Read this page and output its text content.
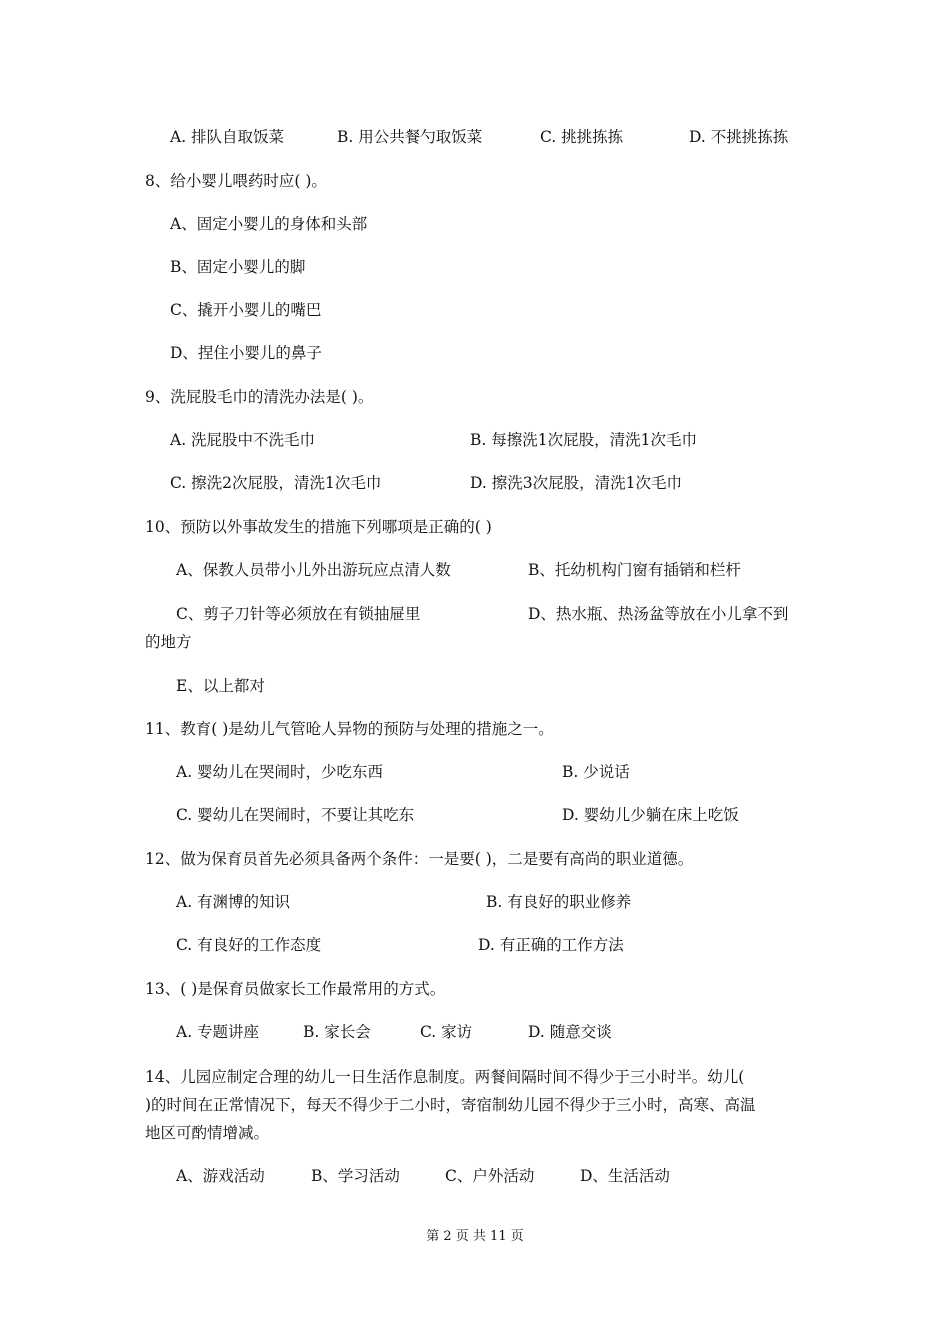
A. 排队自取饭菜	B. 用公共餐勺取饭菜	C. 挑挑拣拣	D. 不挑挑拣拣
8、给小婴儿喂药时应( )。
A、固定小婴儿的身体和头部
B、固定小婴儿的脚
C、撬开小婴儿的嘴巴
D、捏住小婴儿的鼻子
9、洗屁股毛巾的清洗办法是( )。
A. 洗屁股中不洗毛巾	B. 每擦洗1次屁股，清洗1次毛巾
C. 擦洗2次屁股，清洗1次毛巾	D. 擦洗3次屁股，清洗1次毛巾
10、预防以外事故发生的措施下列哪项是正确的( )
A、保教人员带小儿外出游玩应点清人数	B、托幼机构门窗有插销和栏杆
C、剪子刀针等必须放在有锁抽屉里	D、热水瓶、热汤盆等放在小儿拿不到
的地方
E、以上都对
11、教育( )是幼儿气管呛人异物的预防与处理的措施之一。
A. 婴幼儿在哭闹时，少吃东西	B. 少说话
C. 婴幼儿在哭闹时，不要让其吃东	D. 婴幼儿少躺在床上吃饭
12、做为保育员首先必须具备两个条件：一是要( )，二是要有高尚的职业道德。
A. 有渊博的知识	B. 有良好的职业修养
C. 有良好的工作态度	D. 有正确的工作方法
13、( )是保育员做家长工作最常用的方式。
A. 专题讲座	B. 家长会	C. 家访	D. 随意交谈
14、儿园应制定合理的幼儿一日生活作息制度。两餐间隔时间不得少于三小时半。幼儿(
)的时间在正常情况下，每天不得少于二小时，寄宿制幼儿园不得少于三小时，高寒、高温
地区可酌情增减。
A、游戏活动	B、学习活动	C、户外活动	D、生活活动
第 2 页 共 11 页
